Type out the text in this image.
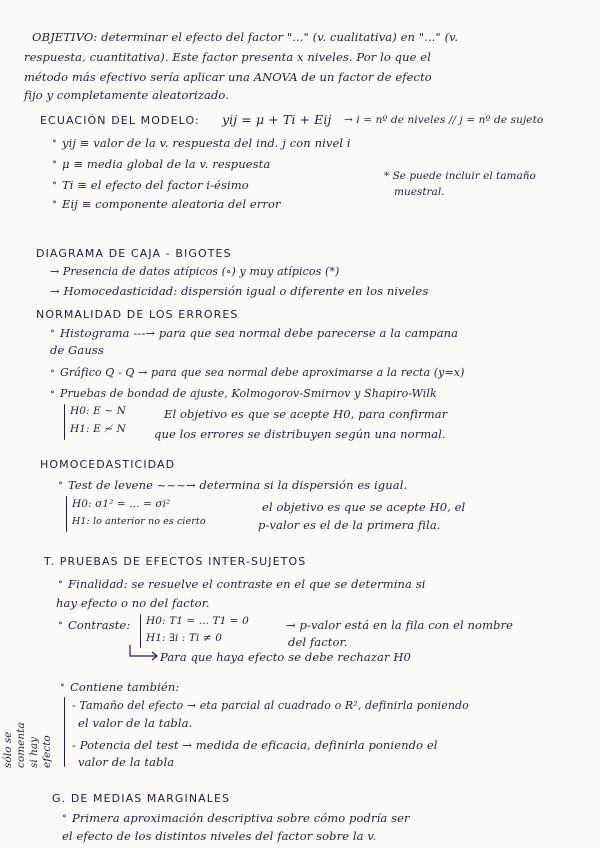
OBJETIVO: determinar el efecto del factor "..." (v. cualitativa) en "..." (v.
respuesta, cuantitativa). Este factor presenta x niveles. Por lo que el
método más efectivo sería aplicar una ANOVA de un factor de efecto
fijo y completamente aleatorizado.
ECUACIÓN DEL MODELO: yij = μ + Ti + Eij → i = nº de niveles // j = nº de sujeto
∘ yij ≡ valor de la v. respuesta del ind. j con nivel i
∘ μ ≡ media global de la v. respuesta
∘ Ti ≡ el efecto del factor i-ésimo
∘ Eij ≡ componente aleatoria del error
* Se puede incluir el tamaño
muestral.
DIAGRAMA DE CAJA - BIGOTES
→ Presencia de datos atípicos (∘) y muy atípicos (*)
→ Homocedasticidad: dispersión igual o diferente en los niveles
NORMALIDAD DE LOS ERRORES
∘ Histograma ---→ para que sea normal debe parecerse a la campana
de Gauss
∘ Gráfico Q - Q → para que sea normal debe aproximarse a la recta (y=x)
∘ Pruebas de bondad de ajuste, Kolmogorov-Smirnov y Shapiro-Wilk
H0: E ~ N
H1: E ≁ N
El objetivo es que se acepte H0, para confirmar
que los errores se distribuyen según una normal.
HOMOCEDASTICIDAD
∘ Test de levene ~~~→ determina si la dispersión es igual.
H0: σ1² = ... = σi²
H1: lo anterior no es cierto
el objetivo es que se acepte H0, el
p-valor es el de la primera fila.
T. PRUEBAS DE EFECTOS INTER-SUJETOS
∘ Finalidad: se resuelve el contraste en el que se determina si
hay efecto o no del factor.
∘ Contraste: H0: T1 = ... T1 = 0
H1: ∃i : Ti ≠ 0
→ p-valor está en la fila con el nombre
del factor.
Para que haya efecto se debe rechazar H0
∘ Contiene también:
- Tamaño del efecto → eta parcial al cuadrado o R², definirla poniendo
el valor de la tabla.
- Potencia del test → medida de eficacia, definirla poniendo el
valor de la tabla
sólo se comenta si hay efecto
G. DE MEDIAS MARGINALES
∘ Primera aproximación descriptiva sobre cómo podría ser
el efecto de los distintos niveles del factor sobre la v.
